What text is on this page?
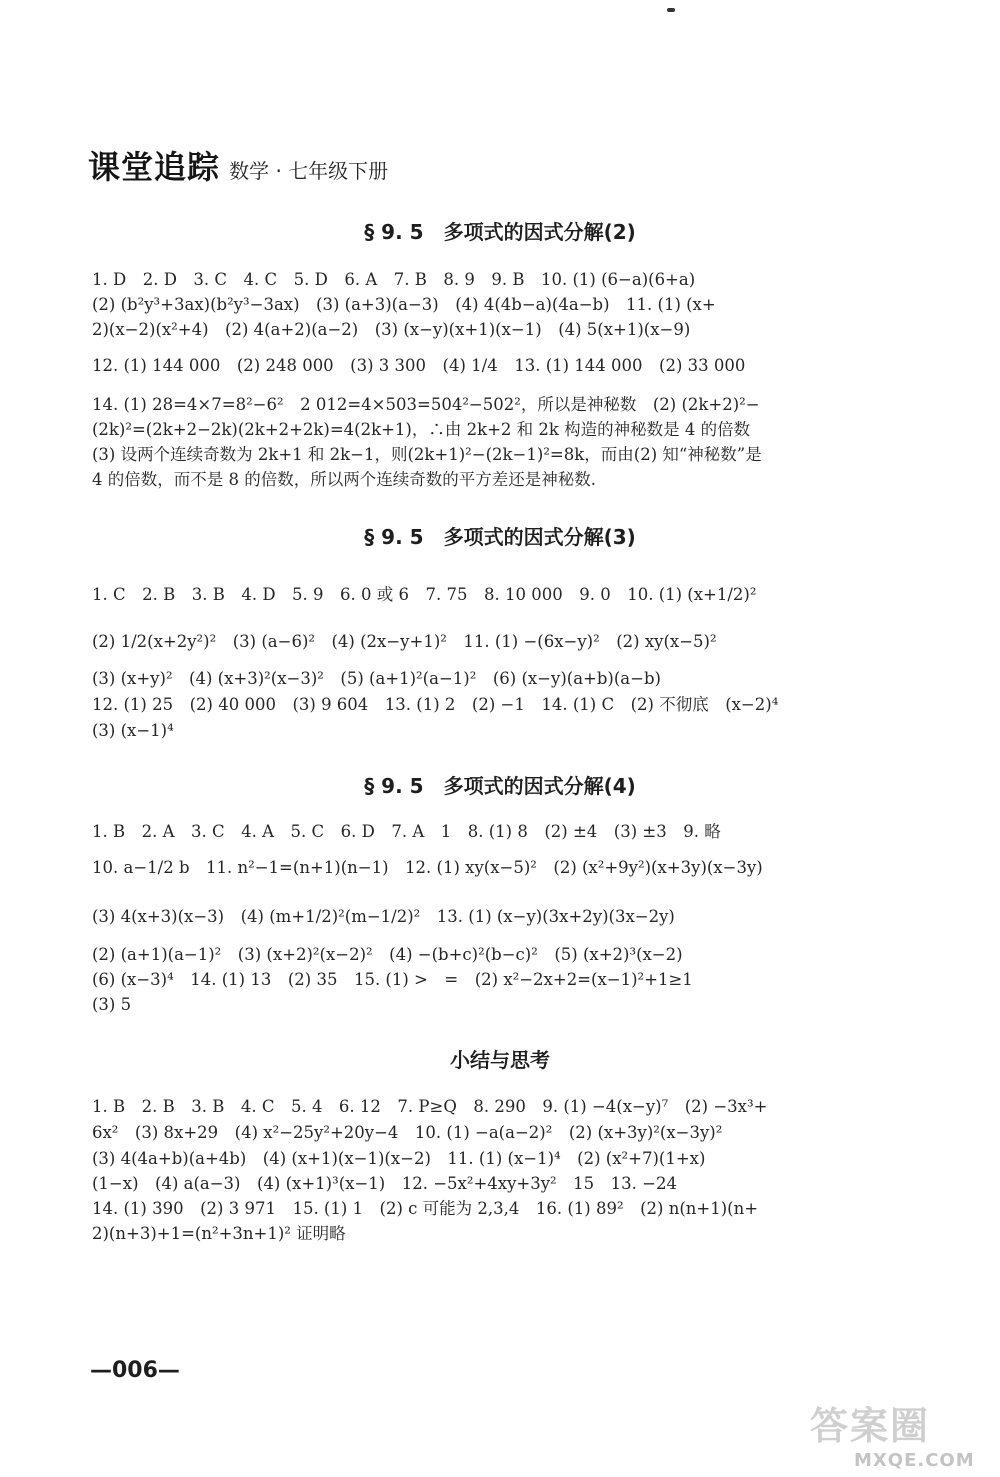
课堂追踪 数学 · 七年级下册
§ 9. 5　多项式的因式分解(2)
1. D　2. D　3. C　4. C　5. D　6. A　7. B　8. 9　9. B　10. (1) (6−a)(6+a)
(2) (b²y³+3ax)(b²y³−3ax)　(3) (a+3)(a−3)　(4) 4(4b−a)(4a−b)　11. (1) (x+
2)(x−2)(x²+4)　(2) 4(a+2)(a−2)　(3) (x−y)(x+1)(x−1)　(4) 5(x+1)(x−9)
12. (1) 144 000　(2) 248 000　(3) 3 300　(4) 1/4　13. (1) 144 000　(2) 33 000
14. (1) 28=4×7=8²−6²　2 012=4×503=504²−502²，所以是神秘数　(2) (2k+2)²−
(2k)²=(2k+2−2k)(2k+2+2k)=4(2k+1)，∴由 2k+2 和 2k 构造的神秘数是 4 的倍数
(3) 设两个连续奇数为 2k+1 和 2k−1，则(2k+1)²−(2k−1)²=8k，而由(2) 知“神秘数”是
4 的倍数，而不是 8 的倍数，所以两个连续奇数的平方差还是神秘数.
§ 9. 5　多项式的因式分解(3)
1. C　2. B　3. B　4. D　5. 9　6. 0 或 6　7. 75　8. 10 000　9. 0　10. (1) (x+1/2)²
(2) 1/2(x+2y²)²　(3) (a−6)²　(4) (2x−y+1)²　11. (1) −(6x−y)²　(2) xy(x−5)²
(3) (x+y)²　(4) (x+3)²(x−3)²　(5) (a+1)²(a−1)²　(6) (x−y)(a+b)(a−b)
12. (1) 25　(2) 40 000　(3) 9 604　13. (1) 2　(2) −1　14. (1) C　(2) 不彻底　(x−2)⁴
(3) (x−1)⁴
§ 9. 5　多项式的因式分解(4)
1. B　2. A　3. C　4. A　5. C　6. D　7. A　1　8. (1) 8　(2) ±4　(3) ±3　9. 略
10. a−1/2 b　11. n²−1=(n+1)(n−1)　12. (1) xy(x−5)²　(2) (x²+9y²)(x+3y)(x−3y)
(3) 4(x+3)(x−3)　(4) (m+1/2)²(m−1/2)²　13. (1) (x−y)(3x+2y)(3x−2y)
(2) (a+1)(a−1)²　(3) (x+2)²(x−2)²　(4) −(b+c)²(b−c)²　(5) (x+2)³(x−2)
(6) (x−3)⁴　14. (1) 13　(2) 35　15. (1) >　=　(2) x²−2x+2=(x−1)²+1≥1
(3) 5
小结与思考
1. B　2. B　3. B　4. C　5. 4　6. 12　7. P≥Q　8. 290　9. (1) −4(x−y)⁷　(2) −3x³+
6x²　(3) 8x+29　(4) x²−25y²+20y−4　10. (1) −a(a−2)²　(2) (x+3y)²(x−3y)²
(3) 4(4a+b)(a+4b)　(4) (x+1)(x−1)(x−2)　11. (1) (x−1)⁴　(2) (x²+7)(1+x)
(1−x)　(4) a(a−3)　(4) (x+1)³(x−1)　12. −5x²+4xy+3y²　15　13. −24
14. (1) 390　(2) 3 971　15. (1) 1　(2) c 可能为 2,3,4　16. (1) 89²　(2) n(n+1)(n+
2)(n+3)+1=(n²+3n+1)² 证明略
—006—
答案圈
MXQE.COM
